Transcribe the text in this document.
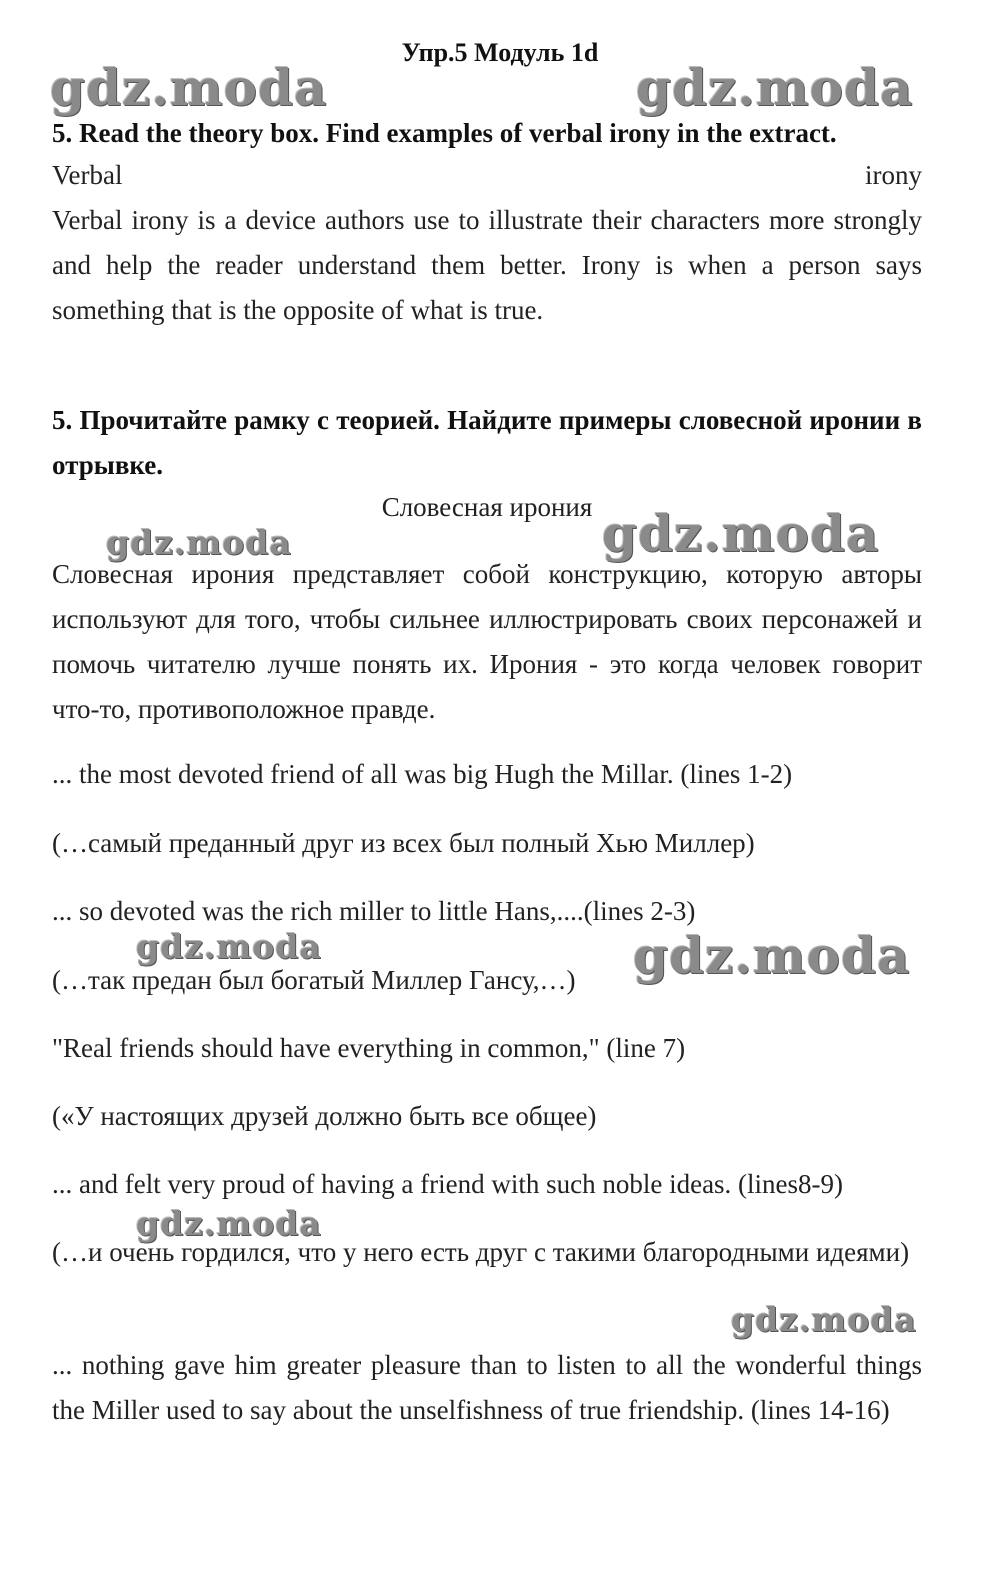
gdz.moda	gdz.moda
gdz.moda	gdz.moda
gdz.moda	gdz.moda
gdz.moda
gdz.moda
Упр.5 Модуль 1d
5. Read the theory box. Find examples of verbal irony in the extract.
Verbal	irony
Verbal irony is a device authors use to illustrate their characters more strongly and help the reader understand them better. Irony is when a person says something that is the opposite of what is true.
5. Прочитайте рамку с теорией. Найдите примеры словесной иронии в отрывке.
Словесная ирония
Словесная ирония представляет собой конструкцию, которую авторы используют для того, чтобы сильнее иллюстрировать своих персонажей и помочь читателю лучше понять их. Ирония - это когда человек говорит что-то, противоположное правде.
... the most devoted friend of all was big Hugh the Millar. (lines 1-2)
(…самый преданный друг из всех был полный Хью Миллер)
... so devoted was the rich miller to little Hans,....(lines 2-3)
(…так предан был богатый Миллер Гансу,…)
"Real friends should have everything in common," (line 7)
(«У настоящих друзей должно быть все общее)
... and felt very proud of having a friend with such noble ideas. (lines8-9)
(…и очень гордился, что у него есть друг с такими благородными идеями)
... nothing gave him greater pleasure than to listen to all the wonderful things the Miller used to say about the unselfishness of true friendship. (lines 14-16)
